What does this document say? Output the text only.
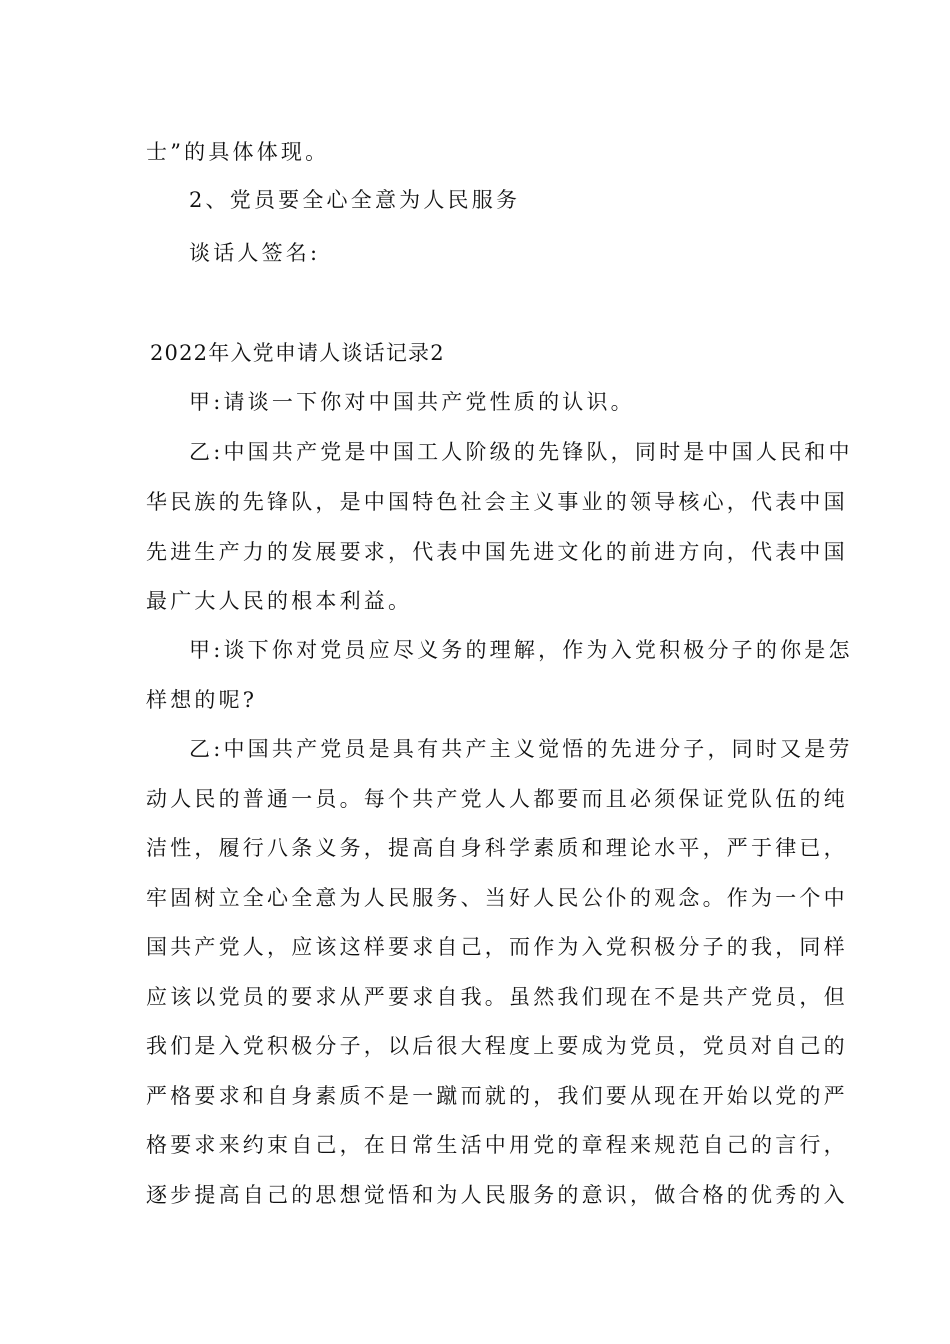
士”的具体体现。
2、党员要全心全意为人民服务
谈话人签名:
2022年入党申请人谈话记录2
甲:请谈一下你对中国共产党性质的认识。
乙:中国共产党是中国工人阶级的先锋队，同时是中国人民和中
华民族的先锋队，是中国特色社会主义事业的领导核心，代表中国
先进生产力的发展要求，代表中国先进文化的前进方向，代表中国
最广大人民的根本利益。
甲:谈下你对党员应尽义务的理解，作为入党积极分子的你是怎
样想的呢?
乙:中国共产党员是具有共产主义觉悟的先进分子，同时又是劳
动人民的普通一员。每个共产党人人都要而且必须保证党队伍的纯
洁性，履行八条义务，提高自身科学素质和理论水平，严于律已，
牢固树立全心全意为人民服务、当好人民公仆的观念。作为一个中
国共产党人，应该这样要求自己，而作为入党积极分子的我，同样
应该以党员的要求从严要求自我。虽然我们现在不是共产党员，但
我们是入党积极分子，以后很大程度上要成为党员，党员对自己的
严格要求和自身素质不是一蹴而就的，我们要从现在开始以党的严
格要求来约束自己，在日常生活中用党的章程来规范自己的言行，
逐步提高自己的思想觉悟和为人民服务的意识，做合格的优秀的入
